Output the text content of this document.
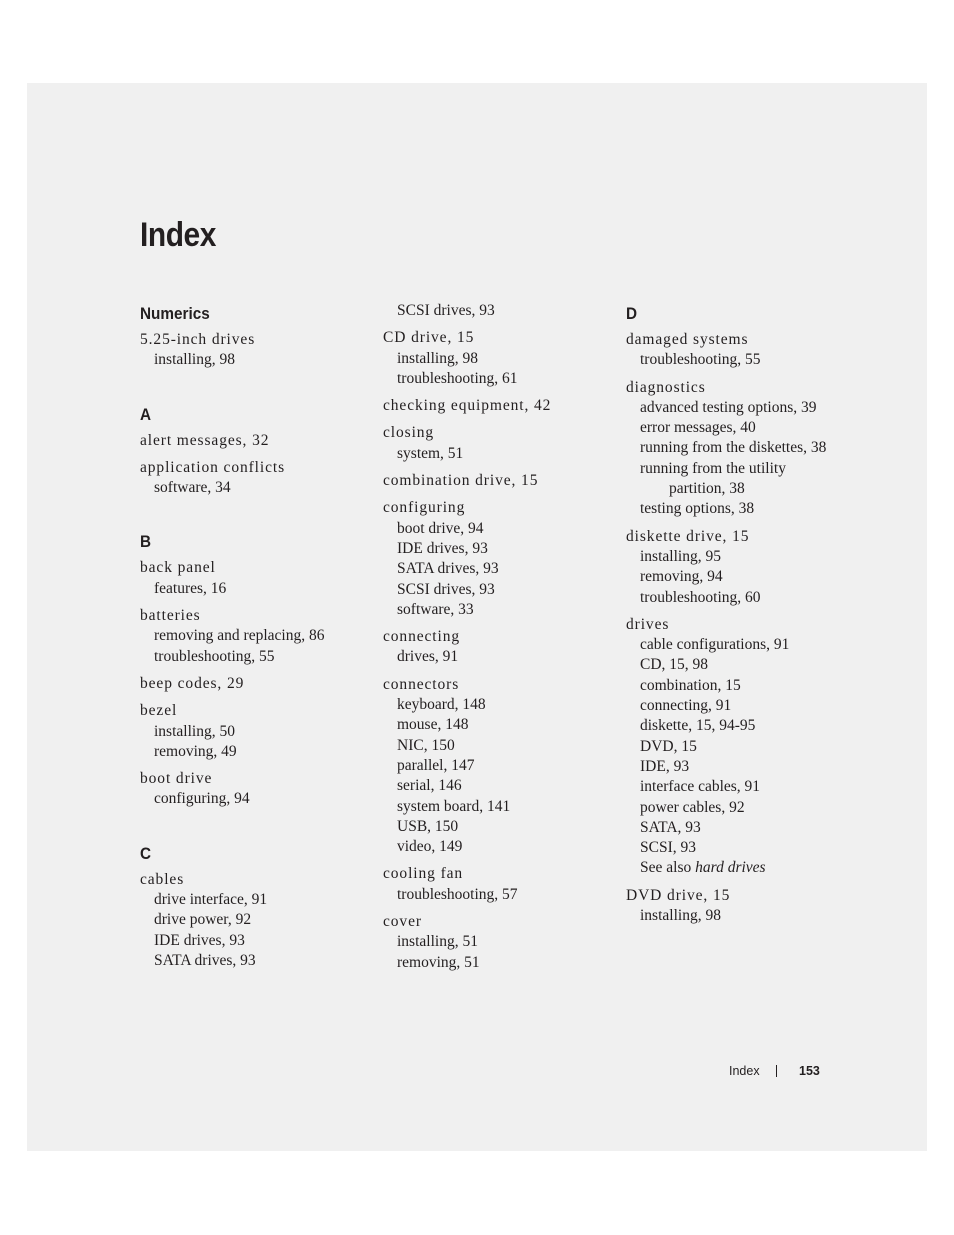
Index
Numerics
5.25-inch drives
installing, 98
A
alert messages, 32
application conflicts
software, 34
B
back panel
features, 16
batteries
removing and replacing, 86
troubleshooting, 55
beep codes, 29
bezel
installing, 50
removing, 49
boot drive
configuring, 94
C
cables
drive interface, 91
drive power, 92
IDE drives, 93
SATA drives, 93
SCSI drives, 93
CD drive, 15
installing, 98
troubleshooting, 61
checking equipment, 42
closing
system, 51
combination drive, 15
configuring
boot drive, 94
IDE drives, 93
SATA drives, 93
SCSI drives, 93
software, 33
connecting
drives, 91
connectors
keyboard, 148
mouse, 148
NIC, 150
parallel, 147
serial, 146
system board, 141
USB, 150
video, 149
cooling fan
troubleshooting, 57
cover
installing, 51
removing, 51
D
damaged systems
troubleshooting, 55
diagnostics
advanced testing options, 39
error messages, 40
running from the diskettes, 38
running from the utility
partition, 38
testing options, 38
diskette drive, 15
installing, 95
removing, 94
troubleshooting, 60
drives
cable configurations, 91
CD, 15, 98
combination, 15
connecting, 91
diskette, 15, 94-95
DVD, 15
IDE, 93
interface cables, 91
power cables, 92
SATA, 93
SCSI, 93
See also hard drives
DVD drive, 15
installing, 98
Index	153
